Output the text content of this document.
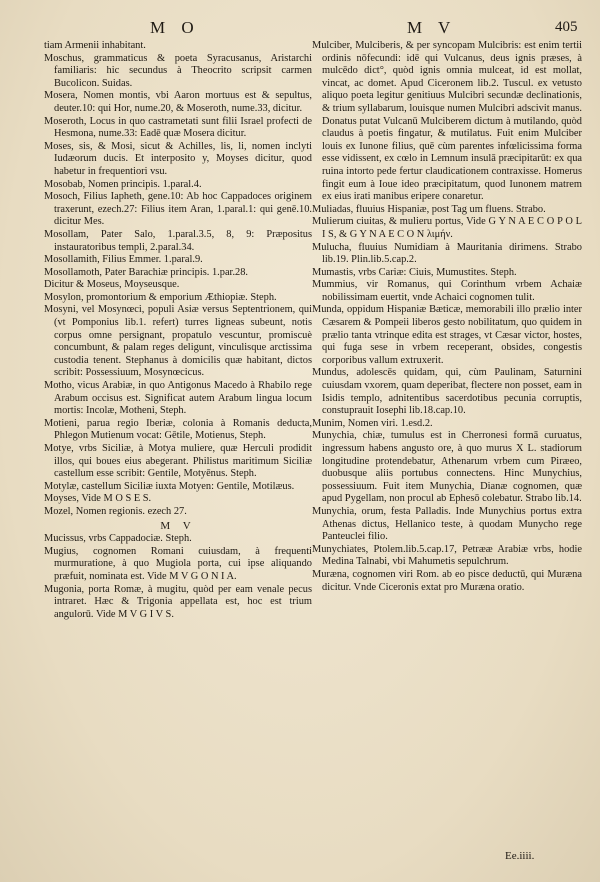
M O	M V	405

tiam Armenii inhabitant.

Moschus, grammaticus & poeta Syracusanus, Aristarchi familiaris: hic secundus à Theocrito scripsit carmen Bucolicon. Suidas.

Mosera, Nomen montis, vbi Aaron mortuus est & sepultus, deuter.10: qui Hor, nume.20, & Moseroth, nume.33, dicitur.

Moseroth, Locus in quo castrametati sunt filii Israel profecti de Hesmona, nume.33: Eadē quæ Mosera dicitur.

Moses, sis, & Mosi, sicut & Achilles, lis, li, nomen inclyti Iudæorum ducis. Et interposito y, Moyses dicitur, quod habetur in frequentiori vsu.

Mosobab, Nomen principis. 1.paral.4.

Mosoch, Filius Iapheth, gene.10: Ab hoc Cappadoces originem traxerunt, ezech.27: Filius item Aran, 1.paral.1: qui genē.10. dicitur Mes.

Mosollam, Pater Salo, 1.paral.3.5, 8, 9: Præpositus instauratoribus templi, 2.paral.34.

Mosollamith, Filius Emmer. 1.paral.9.

Mosollamoth, Pater Barachiæ principis. 1.par.28.

Dicitur & Moseus, Moyseusque.

Mosylon, promontorium & emporium Æthiopiæ. Steph.

Mosyni, vel Mosynœci, populi Asiæ versus Septentrionem, qui (vt Pomponius lib.1. refert) turres ligneas subeunt, notis corpus omne persignant, propatulo vescuntur, promiscuè concumbunt, & palam reges deligunt, vinculisque arctissima custodia tenent. Stephanus à domicilis quæ habitant, dictos scribit: Possessiuum, Mosynœcicus.

Motho, vicus Arabiæ, in quo Antigonus Macedo à Rhabilo rege Arabum occisus est. Significat autem Arabum lingua locum mortis: Incolæ, Motheni, Steph.

Motieni, parua regio Iberiæ, colonia à Romanis deducta, Phlegon Mutienum vocat: Gētile, Motienus, Steph.

Motye, vrbs Siciliæ, à Motya muliere, quæ Herculi prodidit illos, qui boues eius abegerant. Philistus maritimum Siciliæ castellum esse scribit: Gentile, Motyēnus. Steph.

Motylæ, castellum Siciliæ iuxta Motyen: Gentile, Motilæus.

Moyses, Vide M O S E S.

Mozel, Nomen regionis. ezech 27.

M V

Mucissus, vrbs Cappadociæ. Steph.

Mugius, cognomen Romani cuiusdam, à frequenti murmuratione, à quo Mugiola porta, cui ipse aliquando præfuit, nominata est. Vide M V G O N I A.

Mugonia, porta Romæ, à mugitu, quòd per eam venale pecus intraret. Hæc & Trigonia appellata est, hoc est trium angulorū. Vide M V G I V S.

Mulciber, Mulciberis, & per syncopam Mulcibris: est enim tertii ordinis nōfecundi: idē qui Vulcanus, deus ignis præses, à mulcēdo dict°, quòd ignis omnia mulceat, id est mollat, vincat, ac domet. Apud Ciceronem lib.2. Tuscul. ex vetusto aliquo poeta legitur genitiuus Mulcibri secundæ declinationis, & trium syllabarum, louisque numen Mulcibri adscivit manus. Donatus putat Vulcanū Mulciberem dictum à mutilando, quòd claudus à poetis fingatur, & mutilatus. Fuit enim Mulciber louis ex Iunone filius, quē cùm parentes infœlicissima forma esse vidissent, ex cœlo in Lemnum insulā præcipitarūt: ex qua ruina intorto pede fertur claudicationem contraxisse. Homerus fingit eum à Ioue ideo præcipitatum, quod Iunonem matrem ex eius irati manibus eripere conaretur.

Muliadas, fluuius Hispaniæ, post Tag um fluens. Strabo.

Mulierum ciuitas, & mulieru portus, Vide G Y N A E C O P O L I S, & G Y N A E C O N λιμήν.

Mulucha, fluuius Numidiam à Mauritania dirimens. Strabo lib.19. Plin.lib.5.cap.2.

Mumastis, vrbs Cariæ: Ciuis, Mumustites. Steph.

Mummius, vir Romanus, qui Corinthum vrbem Achaiæ nobilissimam euertit, vnde Achaici cognomen tulit.

Munda, oppidum Hispaniæ Bæticæ, memorabili illo prælio inter Cæsarem & Pompeii liberos gesto nobilitatum, quo quidem in prælio tanta vtrinque edita est strages, vt Cæsar victor, hostes, qui fuga sese in vrbem receperant, obsides, congestis corporibus vallum extruxerit.

Mundus, adolescēs quidam, qui, cùm Paulinam, Saturnini cuiusdam vxorem, quam deperibat, flectere non posset, eam in Isidis templo, adnitentibus sacerdotibus pecunia corruptis, constuprauit Iosephi lib.18.cap.10.

Munim, Nomen viri. 1.esd.2.

Munychia, chiæ, tumulus est in Cherronesi formā curuatus, ingressum habens angusto ore, à quo murus X L. stadiorum longitudine protendebatur, Athenarum vrbem cum Piræeo, duobusque aliis portubus connectens. Hinc Munychius, possessiuum. Fuit item Munychia, Dianæ cognomen, quæ apud Pygellam, non procul ab Ephesō colebatur. Strabo lib.14.

Munychia, orum, festa Palladis. Inde Munychius portus extra Athenas dictus, Hellanico teste, à quodam Munycho rege Panteuclei filio.

Munychiates, Ptolem.lib.5.cap.17, Petrææ Arabiæ vrbs, hodie Medina Talnabi, vbi Mahumetis sepulchrum.

Muræna, cognomen viri Rom. ab eo pisce deductū, qui Muræna dicitur. Vnde Ciceronis extat pro Muræna oratio.

Ee.iiii.
